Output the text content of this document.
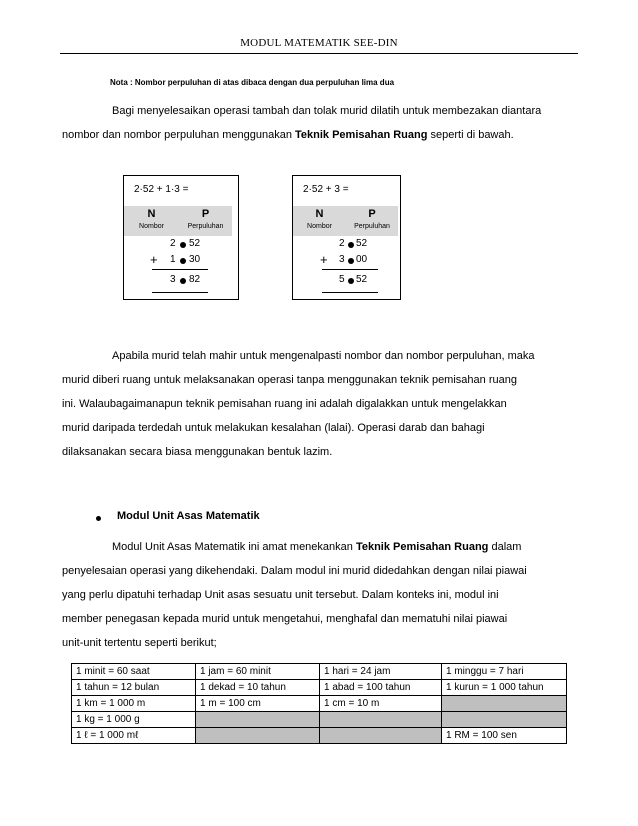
MODUL MATEMATIK SEE-DIN
Nota : Nombor perpuluhan di atas dibaca dengan dua perpuluhan lima dua

Bagi menyelesaikan operasi tambah dan tolak murid dilatih untuk membezakan diantara
nombor dan nombor perpuluhan menggunakan Teknik Pemisahan Ruang seperti di bawah.

2·52 + 1·3 =
N
Nombor
P
Perpuluhan
2 52
+ 1 30
3 82
2·52 + 3 =
N
Nombor
P
Perpuluhan
2 52
+ 3 00
5 52

Apabila murid telah mahir untuk mengenalpasti nombor dan nombor perpuluhan, maka
murid diberi ruang untuk melaksanakan operasi tanpa menggunakan teknik pemisahan ruang
ini. Walaubagaimanapun teknik pemisahan ruang ini adalah digalakkan untuk mengelakkan
murid daripada terdedah untuk melakukan kesalahan (lalai). Operasi darab dan bahagi
dilaksanakan secara biasa menggunakan bentuk lazim.

Modul Unit Asas Matematik

Modul Unit Asas Matematik ini amat menekankan Teknik Pemisahan Ruang dalam
penyelesaian operasi yang dikehendaki. Dalam modul ini murid didedahkan dengan nilai piawai
yang perlu dipatuhi terhadap Unit asas sesuatu unit tersebut. Dalam konteks ini, modul ini
member penegasan kepada murid untuk mengetahui, menghafal dan mematuhi nilai piawai
unit-unit tertentu seperti berikut;

1 minit = 60 saat	1 jam = 60 minit	1 hari = 24 jam	1 minggu = 7 hari
1 tahun = 12 bulan	1 dekad = 10 tahun	1 abad = 100 tahun	1 kurun = 1 000 tahun
1 km = 1 000 m	1 m = 100 cm	1 cm = 10 m	
1 kg = 1 000 g			
1 ℓ = 1 000 mℓ			1 RM = 100 sen
